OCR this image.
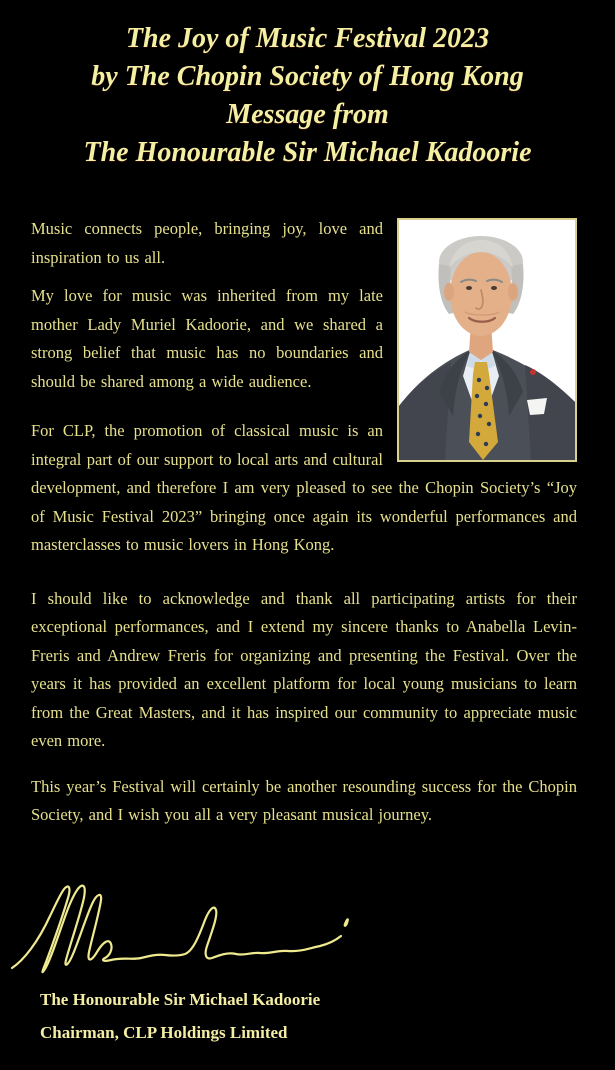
The Joy of Music Festival 2023
by The Chopin Society of Hong Kong
Message from
The Honourable Sir Michael Kadoorie

Music connects people, bringing joy, love and inspiration to us all.

My love for music was inherited from my late mother Lady Muriel Kadoorie, and we shared a strong belief that music has no boundaries and should be shared among a wide audience.

For CLP, the promotion of classical music is an integral part of our support to local arts and cultural development, and therefore I am very pleased to see the Chopin Society’s “Joy of Music Festival 2023” bringing once again its wonderful performances and masterclasses to music lovers in Hong Kong.

I should like to acknowledge and thank all participating artists for their exceptional performances, and I extend my sincere thanks to Anabella Levin-Freris and Andrew Freris for organizing and presenting the Festival. Over the years it has provided an excellent platform for local young musicians to learn from the Great Masters, and it has inspired our community to appreciate music even more.

This year’s Festival will certainly be another resounding success for the Chopin Society, and I wish you all a very pleasant musical journey.

The Honourable Sir Michael Kadoorie
Chairman, CLP Holdings Limited
